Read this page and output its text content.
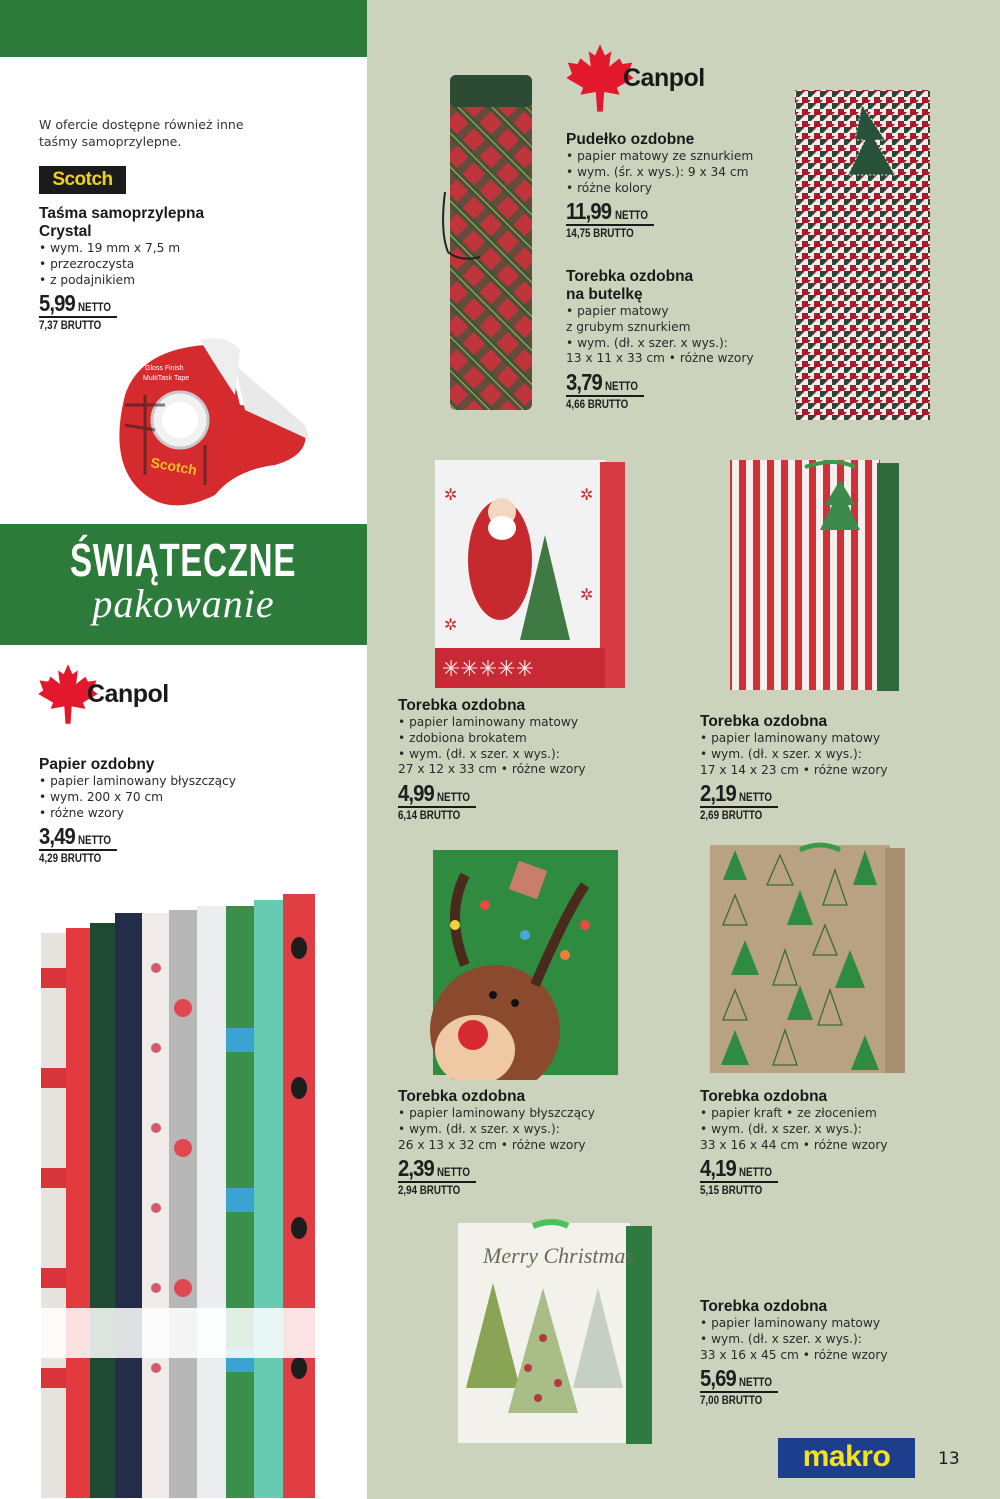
W ofercie dostępne również inne taśmy samoprzylepne.
Scotch
Taśma samoprzylepna
Crystal
• wym. 19 mm x 7,5 m
• przezroczysta
• z podajnikiem
5,99 NETTO
7,37 BRUTTO
Scotch
Gloss Finish
MultiTask Tape
ŚWIĄTECZNE
pakowanie
Canpol
Papier ozdobny
• papier laminowany błyszczący
• wym. 200 x 70 cm
• różne wzory
3,49 NETTO
4,29 BRUTTO
Canpol
✳✳✳✳✳
✲	✲
✲
✲
Merry Christmas
Pudełko ozdobne
• papier matowy ze sznurkiem
• wym. (śr. x wys.): 9 x 34 cm
• różne kolory
11,99 NETTO
14,75 BRUTTO
Torebka ozdobna
na butelkę
• papier matowy
z grubym sznurkiem
• wym. (dł. x szer. x wys.):
13 x 11 x 33 cm • różne wzory
3,79 NETTO
4,66 BRUTTO
Torebka ozdobna
• papier laminowany matowy
• zdobiona brokatem
• wym. (dł. x szer. x wys.):
27 x 12 x 33 cm • różne wzory
4,99 NETTO
6,14 BRUTTO
Torebka ozdobna
• papier laminowany matowy
• wym. (dł. x szer. x wys.):
17 x 14 x 23 cm • różne wzory
2,19 NETTO
2,69 BRUTTO
Torebka ozdobna
• papier laminowany błyszczący
• wym. (dł. x szer. x wys.):
26 x 13 x 32 cm • różne wzory
2,39 NETTO
2,94 BRUTTO
Torebka ozdobna
• papier kraft • ze złoceniem
• wym. (dł. x szer. x wys.):
33 x 16 x 44 cm • różne wzory
4,19 NETTO
5,15 BRUTTO
Torebka ozdobna
• papier laminowany matowy
• wym. (dł. x szer. x wys.):
33 x 16 x 45 cm • różne wzory
5,69 NETTO
7,00 BRUTTO
makro	13
